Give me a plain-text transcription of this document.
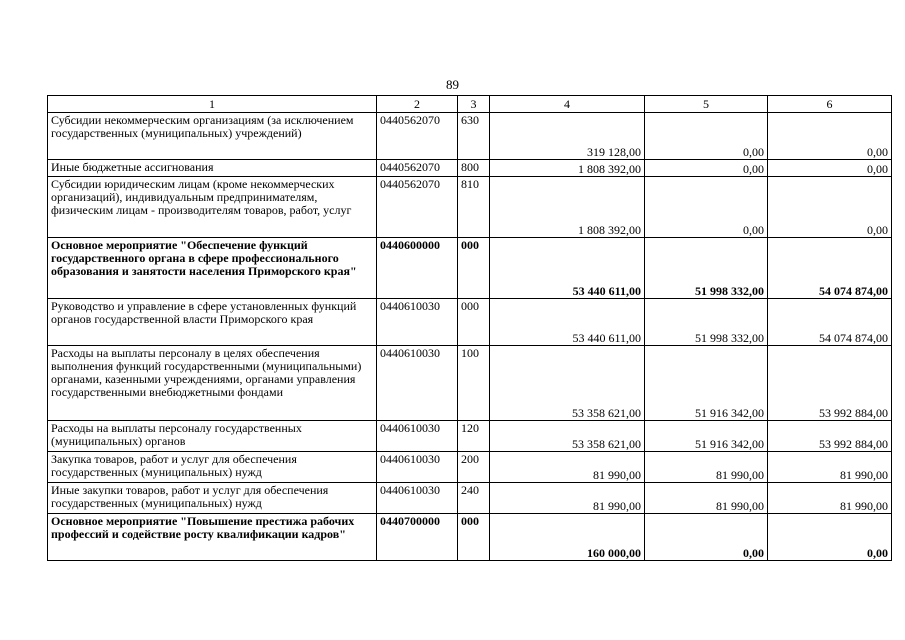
89
1	2	3	4	5	6
Субсидии некоммерческим организациям (за исключением государственных (муниципальных) учреждений)	0440562070	630	319 128,00	0,00	0,00
Иные бюджетные ассигнования	0440562070	800	1 808 392,00	0,00	0,00
Субсидии юридическим лицам (кроме некоммерческих организаций), индивидуальным предпринимателям, физическим лицам - производителям товаров, работ, услуг	0440562070	810	1 808 392,00	0,00	0,00
Основное мероприятие "Обеспечение функций государственного органа в сфере профессионального образования и занятости населения Приморского края"	0440600000	000	53 440 611,00	51 998 332,00	54 074 874,00
Руководство и управление в сфере установленных функций органов государственной власти Приморского края	0440610030	000	53 440 611,00	51 998 332,00	54 074 874,00
Расходы на выплаты персоналу в целях обеспечения выполнения функций государственными (муниципальными) органами, казенными учреждениями, органами управления государственными внебюджетными фондами	0440610030	100	53 358 621,00	51 916 342,00	53 992 884,00
Расходы на выплаты персоналу государственных (муниципальных) органов	0440610030	120	53 358 621,00	51 916 342,00	53 992 884,00
Закупка товаров, работ и услуг для обеспечения государственных (муниципальных) нужд	0440610030	200	81 990,00	81 990,00	81 990,00
Иные закупки товаров, работ и услуг для обеспечения государственных (муниципальных) нужд	0440610030	240	81 990,00	81 990,00	81 990,00
Основное мероприятие "Повышение престижа рабочих профессий и содействие росту квалификации кадров"	0440700000	000	160 000,00	0,00	0,00
